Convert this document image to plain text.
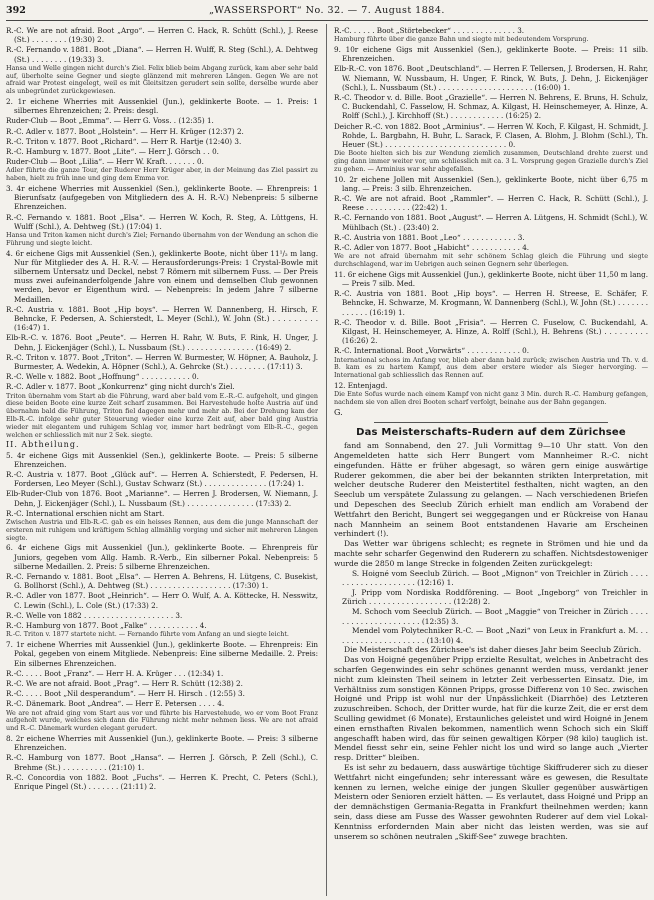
392	„WASSERSPORT“ No. 32. — 7. August 1884.

R.-C. We are not afraid. Boot „Argo“. — Herren C. Hack, R. Schütt (Schl.), J. Reese (St.) . . . . . . . . (19:30) 2.

R.-C. Fernando v. 1881. Boot „Diana“. — Herren H. Wulff, R. Steg (Schl.), A. Dehtweg (St.) . . . . . . . . (19:33) 3.

Hansa und Welle gingen nicht durch's Ziel. Felix blieb beim Abgang zurück, kam aber sehr bald auf, überholte seine Gegner und siegte glänzend mit mehreren Längen. Gegen We are not afraid war Protest eingelegt, weil es mit Gleitsitzen gerudert sein sollte, derselbe wurde aber als unbegründet zurückgewiesen.

2. 1r eichene Wherries mit Aussenkiel (Jun.), geklinkerte Boote. — 1. Preis: 1 silbernes Ehrenzeichen; 2. Preis: desgl.

Ruder-Club — Boot „Emma“. — Herr G. Voss. . (12:35) 1.

R.-C. Adler v. 1877. Boot „Holstein“. — Herr H. Krüger (12:37) 2.

R.-C. Triton v. 1877. Boot „Richard“. — Herr R. Hartje (12:40) 3.

R.-C. Hamburg v. 1877. Boot „Lite“. — Herr J. Görsch . . 0.

Ruder-Club — Boot „Lilia“. — Herr W. Kraft. . . . . . . 0.

Adler führte die ganze Tour, der Ruderer Herr Krüger aber, in der Meinung das Ziel passirt zu haben, hielt zu früh inne und ging dem Emma vor.

3. 4r eichene Wherries mit Aussenkiel (Sen.), geklinkerte Boote. — Ehrenpreis: 1 Bierunfsatz (aufgegeben von Mitgliedern des A. H. R.-V.) Nebenpreis: 5 silberne Ehrenzeichen.

R.-C. Fernando v. 1881. Boot „Elsa“. — Herren W. Koch, R. Steg, A. Lüttgens, H. Wulff (Schl.), A. Dehtweg (St.) (17:04) 1.

Hansa und Triton kamen nicht durch's Ziel; Fernando übernahm von der Wendung an schon die Führung und siegte leicht.

4. 6r eichene Gigs mit Aussenkiel (Sen.), geklinkerte Boote, nicht über 11¹/₂ m lang. Nur für Mitglieder des A. H. R.-V. — Herausforderungs-Preis: 1 Crystal-Bowle mit silbernem Untersatz und Deckel, nebst 7 Römern mit silbernem Fuss. — Der Preis muss zwei aufeinanderfolgende Jahre von einem und demselben Club gewonnen werden, bevor er Eigenthum wird. — Nebenpreis: In jedem Jahre 7 silberne Medaillen.

R.-C. Austria v. 1881. Boot „Hip boys“. — Herren W. Dannenberg, H. Hirsch, F. Behncke, F. Pedersen, A. Schierstedt, L. Meyer (Schl.), W. John (St.) . . . . . . . . . (16:47) 1.

Elb-R.-C. v. 1876. Boot „Peute“. — Herren H. Rahr, W. Buts, F. Rink, H. Unger, J. Dehn, J. Eickenjäger (Schl.), L. Nussbaum (St.) . . . . . . . . . . . . . . . (16:49) 2.

R.-C. Triton v. 1877. Boot „Triton“. — Herren W. Burmester, W. Höpner, A. Bauholz, J. Burmester, A. Wedekin, A. Höpner (Schl.), A. Gehrcke (St.) . . . . . . . . (17:11) 3.

R.-C. Welle v. 1882. Boot „Hoffnung“ . . . . . . . . . . . 0.

R.-C. Adler v. 1877. Boot „Konkurrenz“ ging nicht durch's Ziel.

Triton übernahm vom Start ab die Führung, ward aber bald vom E.-R.-C. aufgeholt, und gingen diese beiden Boote eine kurze Zeit scharf zusammen. Bei Harvestehude holte Austria auf und übernahm bald die Führung, Triton fiel dagegen mehr und mehr ab. Bei der Drehung kam der Elb-R.-C. infolge sehr guter Steuerung wieder eine kurze Zeit auf, aber bald ging Austria wieder mit elegantem und ruhigem Schlag vor, immer hart bedrängt vom Elb-R.-C., gegen welchen er schliesslich mit nur 2 Sek. siegte.

II. Abtheilung.

5. 4r eichene Gigs mit Aussenkiel (Sen.), geklinkerte Boote. — Preis: 5 silberne Ehrenzeichen.

R.-C. Austria v. 1877. Boot „Glück auf“. — Herren A. Schierstedt, F. Pedersen, H. Fordersen, Leo Meyer (Schl.), Gustav Schwarz (St.) . . . . . . . . . . . . . . (17:24) 1.

Elb-Ruder-Club von 1876. Boot „Marianne“. — Herren J. Brodersen, W. Niemann, J. Dehn, J. Eickenjäger (Schl.), L. Nussbaum (St.) . . . . . . . . . . . . . . . (17:33) 2.

R.-C. International erschien nicht am Start.

Zwischen Austria und Elb-R.-C. gab es ein heisses Rennen, aus dem die junge Mannschaft der ersteren mit ruhigem und kräftigem Schlag allmählig vorging und sicher mit mehreren Längen siegte.

6. 4r eichene Gigs mit Aussenkiel (Jun.), geklinkerte Boote. — Ehrenpreis für Juniors, gegeben vom Allg. Hamb. R.-Verb., Ein silberner Pokal. Nebenpreis: 5 silberne Medaillen. 2. Preis: 5 silberne Ehrenzeichen.

R.-C. Fernando v. 1881. Boot „Elsa“. — Herren A. Behrens, H. Lütgens, C. Busekist, G. Bollhorst (Schl.), A. Dehtweg (St.) . . . . . . . . . . . . . . . . . . (17:30) 1.

R.-C. Adler von 1877. Boot „Heinrich“. — Herr O. Wulf, A. A. Köttecke, H. Nesswitz, C. Lewin (Schl.), L. Cole (St.) (17:33) 2.

R.-C. Welle von 1882 . . . . . . . . . . . . . . . . . . . . 3.

R.-C. Hamburg von 1877. Boot „Falke“ . . . . . . . . . . . 4.

R.-C. Triton v. 1877 startete nicht. — Fernando führte vom Anfang an und siegte leicht.

7. 1r eichene Wherries mit Aussenkiel (Jun.), geklinkerte Boote. — Ehrenpreis: Ein Pokal, gegeben von einem Mitgliede. Nebenpreis: Eine silberne Medaille. 2. Preis: Ein silbernes Ehrenzeichen.

R.-C. . . . . Boot „Franz“. — Herr H. A. Krüger . . . (12:34) 1.

R.-C. We are not afraid. Boot „Prag“. — Herr R. Schütt (12:38) 2.

R.-C. . . . . Boot „Nil desperandum“. — Herr H. Hirsch . (12:55) 3.

R.-C. Dänemark. Boot „Andrea“. — Herr E. Petersen . . . . 4.

We are not afraid ging vom Start aus vor und führte bis Harvestehude, wo er vom Boot Franz aufgeholt wurde, welches sich dann die Führung nicht mehr nehmen liess. We are not afraid und R.-C. Dänemark wurden elegant gerudert.

8. 2r eichene Wherries mit Aussenkiel (Jun.), geklinkerte Boote. — Preis: 3 silberne Ehrenzeichen.

R.-C. Hamburg von 1877. Boot „Hansa“. — Herren J. Görsch, P. Zell (Schl.), C. Brehme (St.) . . . . . . . . . . (21:10) 1.

R.-C. Concordia von 1882. Boot „Fuchs“. — Herren K. Precht, C. Peters (Schl.), Enrique Pingel (St.) . . . . . . . (21:11) 2.

R.-C. . . . . . Boot „Störtebecker“ . . . . . . . . . . . . . . 3.

Hamburg führte über die ganze Bahn und siegte mit bedeutendem Vorsprung.

9. 10r eichene Gigs mit Aussenkiel (Sen.), geklinkerte Boote. — Preis: 11 silb. Ehrenzeichen.

Elb-R.-C. von 1876. Boot „Deutschland“. — Herren F. Tellersen, J. Brodersen, H. Rahr, W. Niemann, W. Nussbaum, H. Unger, F. Rinck, W. Buts, J. Dehn, J. Eickenjäger (Schl.), L. Nussbaum (St.) . . . . . . . . . . . . . . . . . . . . . (16:00) 1.

R.-C. Theodor v. d. Bille. Boot „Grazielle“. — Herren N. Behrens, E. Bruns, H. Schulz, C. Buckendahl, C. Fasselow, H. Schmaz, A. Kilgast, H. Heinschemeyer, A. Hinze, A. Rolff (Schl.), J. Kirchhoff (St.) . . . . . . . . . . . . (16:25) 2.

Deicher R.-C. von 1882. Boot „Arminius“. — Herren W. Koch, F. Kilgast, H. Schmidt, J. Rohde, L. Bargbahn, H. Buhr, L. Sarack, F. Clasen, A. Blohm, J. Blohm (Schl.), Th. Heuer (St.) . . . . . . . . . . . . . . . . . . . . . . . . . . . 0.

Die Boote hielten sich bis zur Wendung ziemlich zusammen, Deutschland drehte zuerst und ging dann immer weiter vor, um schliesslich mit ca. 3 L. Vorsprung gegen Grazielle durch's Ziel zu gehen. — Arminius war sehr abgefallen.

10. 2r eichene Jollen mit Aussenkiel (Sen.), geklinkerte Boote, nicht über 6,75 m lang. — Preis: 3 silb. Ehrenzeichen.

R.-C. We are not afraid. Boot „Rammler“. — Herren C. Hack, R. Schütt (Schl.), J. Reese . . . . . . . . . . (22:42) 1.

R.-C. Fernando von 1881. Boot „August“. — Herren A. Lütgens, H. Schmidt (Schl.), W. Mühlbach (St.) . (23:40) 2.

R.-C. Austria von 1881. Boot „Leo“ . . . . . . . . . . . . 3.

R.-C. Adler von 1877. Boot „Habicht“ . . . . . . . . . . . 4.

We are not afraid übernahm mit sehr schönem Schlag gleich die Führung und siegte durchschlagend, war im Uebrigen auch seinen Gegnern sehr überlegen.

11. 6r eichene Gigs mit Aussenkiel (Jun.), geklinkerte Boote, nicht über 11,50 m lang. — Preis 7 silb. Med.

R.-C. Austria von 1881. Boot „Hip boys“. — Herren H. Streese, E. Schäfer, F. Behncke, H. Schwarze, M. Krogmann, W. Dannenberg (Schl.), W. John (St.) . . . . . . . . . . . . . (16:19) 1.

R.-C. Theodor v. d. Bille. Boot „Frisia“. — Herren C. Fuselow, C. Buckendahl, A. Kilgast, H. Heinschemeyer, A. Hinze, A. Rolff (Schl.), H. Behrens (St.) . . . . . . . . . (16:26) 2.

R.-C. International. Boot „Vorwärts“ . . . . . . . . . . . . 0.

International schoss im Anfang vor, blieb aber dann bald zurück; zwischen Austria und Th. v. d. B. kam es zu hartem Kampf, aus dem aber erstere wieder als Sieger hervorging. — International gab schliesslich das Rennen auf.

12. Entenjagd.

Die Ente Sofus wurde nach einem Kampf von nicht ganz 3 Min. durch R.-C. Hamburg gefangen, nachdem sie von allen drei Booten scharf verfolgt, beinahe aus der Bahn gegangen.

G.

Das Meisterschafts-Rudern auf dem Zürichsee

fand am Sonnabend, den 27. Juli Vormittag 9—10 Uhr statt. Von den Angemeldeten hatte sich Herr Bungert vom Mannheimer R.-C. nicht eingefunden. Hätte er früher abgesagt, so wären gern einige auswärtige Ruderer gekommen, die aber bei der bekannten strikten Interpretation, mit welcher deutsche Ruderer den Meistertitel festhalten, nicht wagten, an den Seeclub um verspätete Zulassung zu gelangen. — Nach verschiedenen Briefen und Depeschen des Seeclub Zürich erhielt man endlich am Vorabend der Wettfahrt den Bericht, Bungert sei weggegangen und er Rückreise von Hanau nach Mannheim an seinem Boot entstandenen Havarie am Erscheinen verhindert (!).

Das Wetter war übrigens schlecht; es regnete in Strömen und hie und da machte sehr scharfer Gegenwind den Ruderern zu schaffen. Nichtsdestoweniger wurde die 2850 m lange Strecke in folgenden Zeiten zurückgelegt:

S. Hoigné vom Seeclub Zürich. — Boot „Mignon“ von Treichler in Zürich . . . . . . . . . . . . . . . . . . . . (12:16) 1.

J. Pripp vom Nordiska Roddförening. — Boot „Ingeborg“ von Treichler in Zürich . . . . . . . . . . . . . . . . . . (12:28) 2.

M. Schoch vom Seeclub Zürich. — Boot „Maggie“ von Treicher in Zürich . . . . . . . . . . . . . . . . . . . . . (12:35) 3.

Mendel vom Polytechniker R.-C. — Boot „Nazi“ von Leux in Frankfurt a. M. . . . . . . . . . . . . . . . . . . . . (13:10) 4.

Die Meisterschaft des Zürichsee's ist daher dieses Jahr beim Seeclub Zürich.

Das von Hoigné gegenüber Pripp erzielte Resultat, welches in Anbetracht des scharfen Gegenwindes ein sehr schönes genannt werden muss, verdankt jener nicht zum kleinsten Theil seinem in letzter Zeit verbesserten Einsatz. Die, im Verhältniss zum sonstigen Können Pripps, grosse Differenz von 10 Sec. zwischen Hoigné und Pripp ist wohl nur der Unpässlichkeit (Diarrhöe) des Letzteren zuzuschreiben. Schoch, der Dritter wurde, hat für die kurze Zeit, die er erst dem Sculling gewidmet (6 Monate), Erstaunliches geleistet und wird Hoigné in Jenem einen ernsthaften Rivalen bekommen, namentlich wenn Schoch sich ein Skiff angeschafft haben wird, das für seinen gewaltigen Körper (98 kilo) tauglich ist. Mendel fiesst sehr ein, seine Fehler nicht los und wird so lange auch „Vierter resp. Dritter“ bleiben.

Es ist sehr zu bedauern, dass auswärtige tüchtige Skiffruderer sich zu dieser Wettfahrt nicht eingefunden; sehr interessant wäre es gewesen, die Resultate kennen zu lernen, welche einige der jungen Skuller gegenüber auswärtigen Meistern oder Senioren erzielt hätten. — Es verlautet, dass Hoigné und Pripp an der demnächstigen Germania-Regatta in Frankfurt theilnehmen werden; kann sein, dass diese am Fusse des Wasser gewohnten Ruderer auf dem viel Lokal-Kenntniss erfordernden Main aber nicht das leisten werden, was sie auf unserem so schönen neutralen „Skiff-See“ zuwege brachten.
